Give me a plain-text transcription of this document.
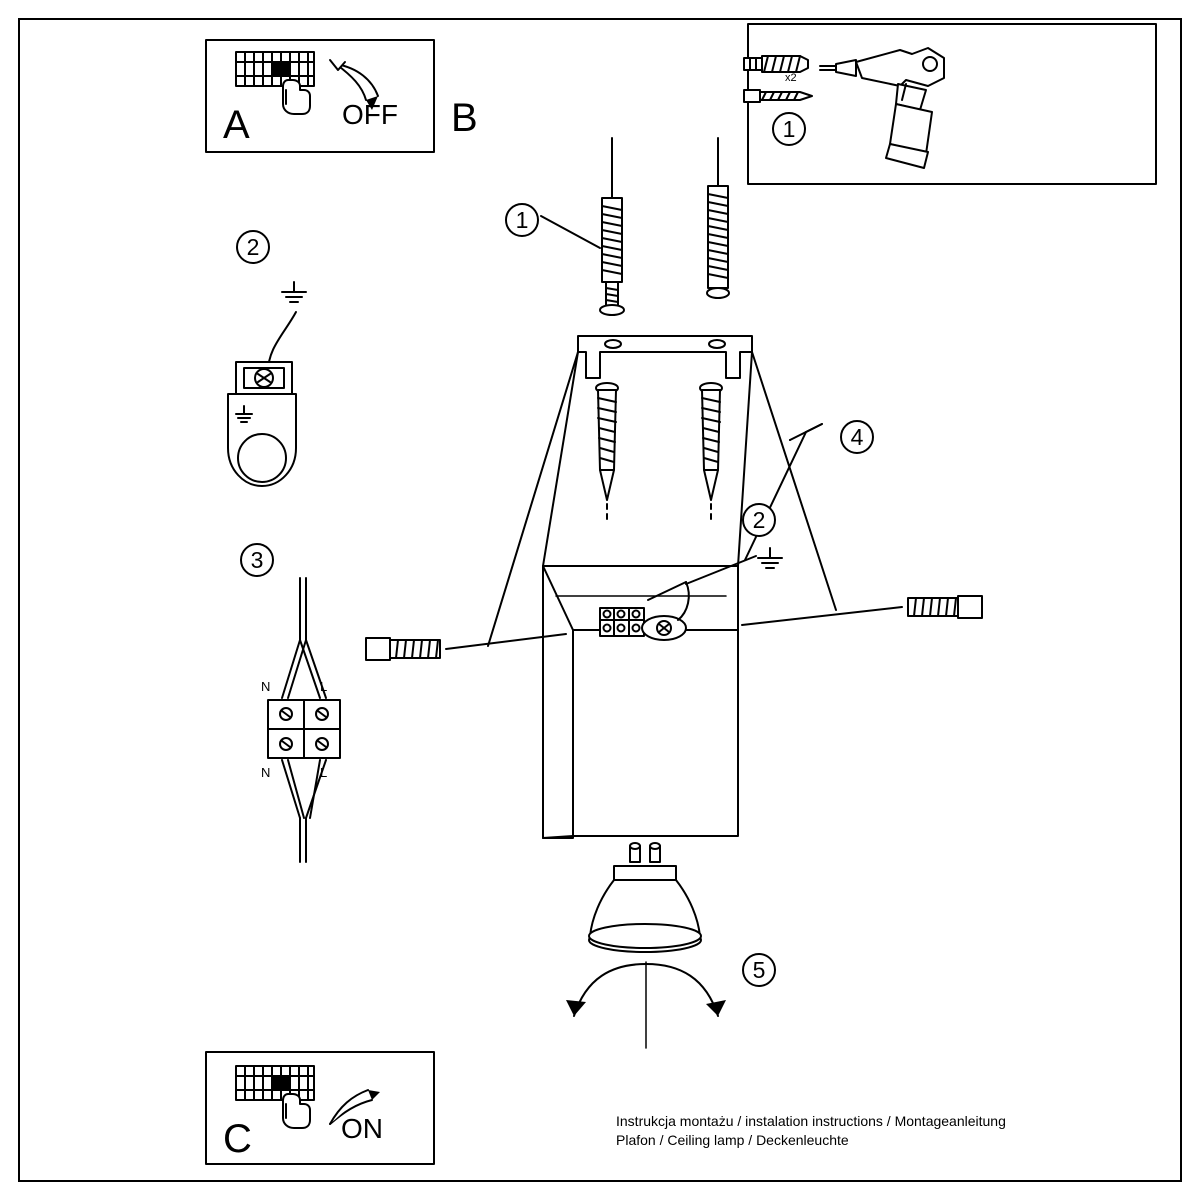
A	OFF B
C	ON
x2
1
2
3
N	L
N	L
1
4
2
5
Instrukcja montażu / instalation instructions / Montageanleitung
Plafon / Ceiling lamp / Deckenleuchte
